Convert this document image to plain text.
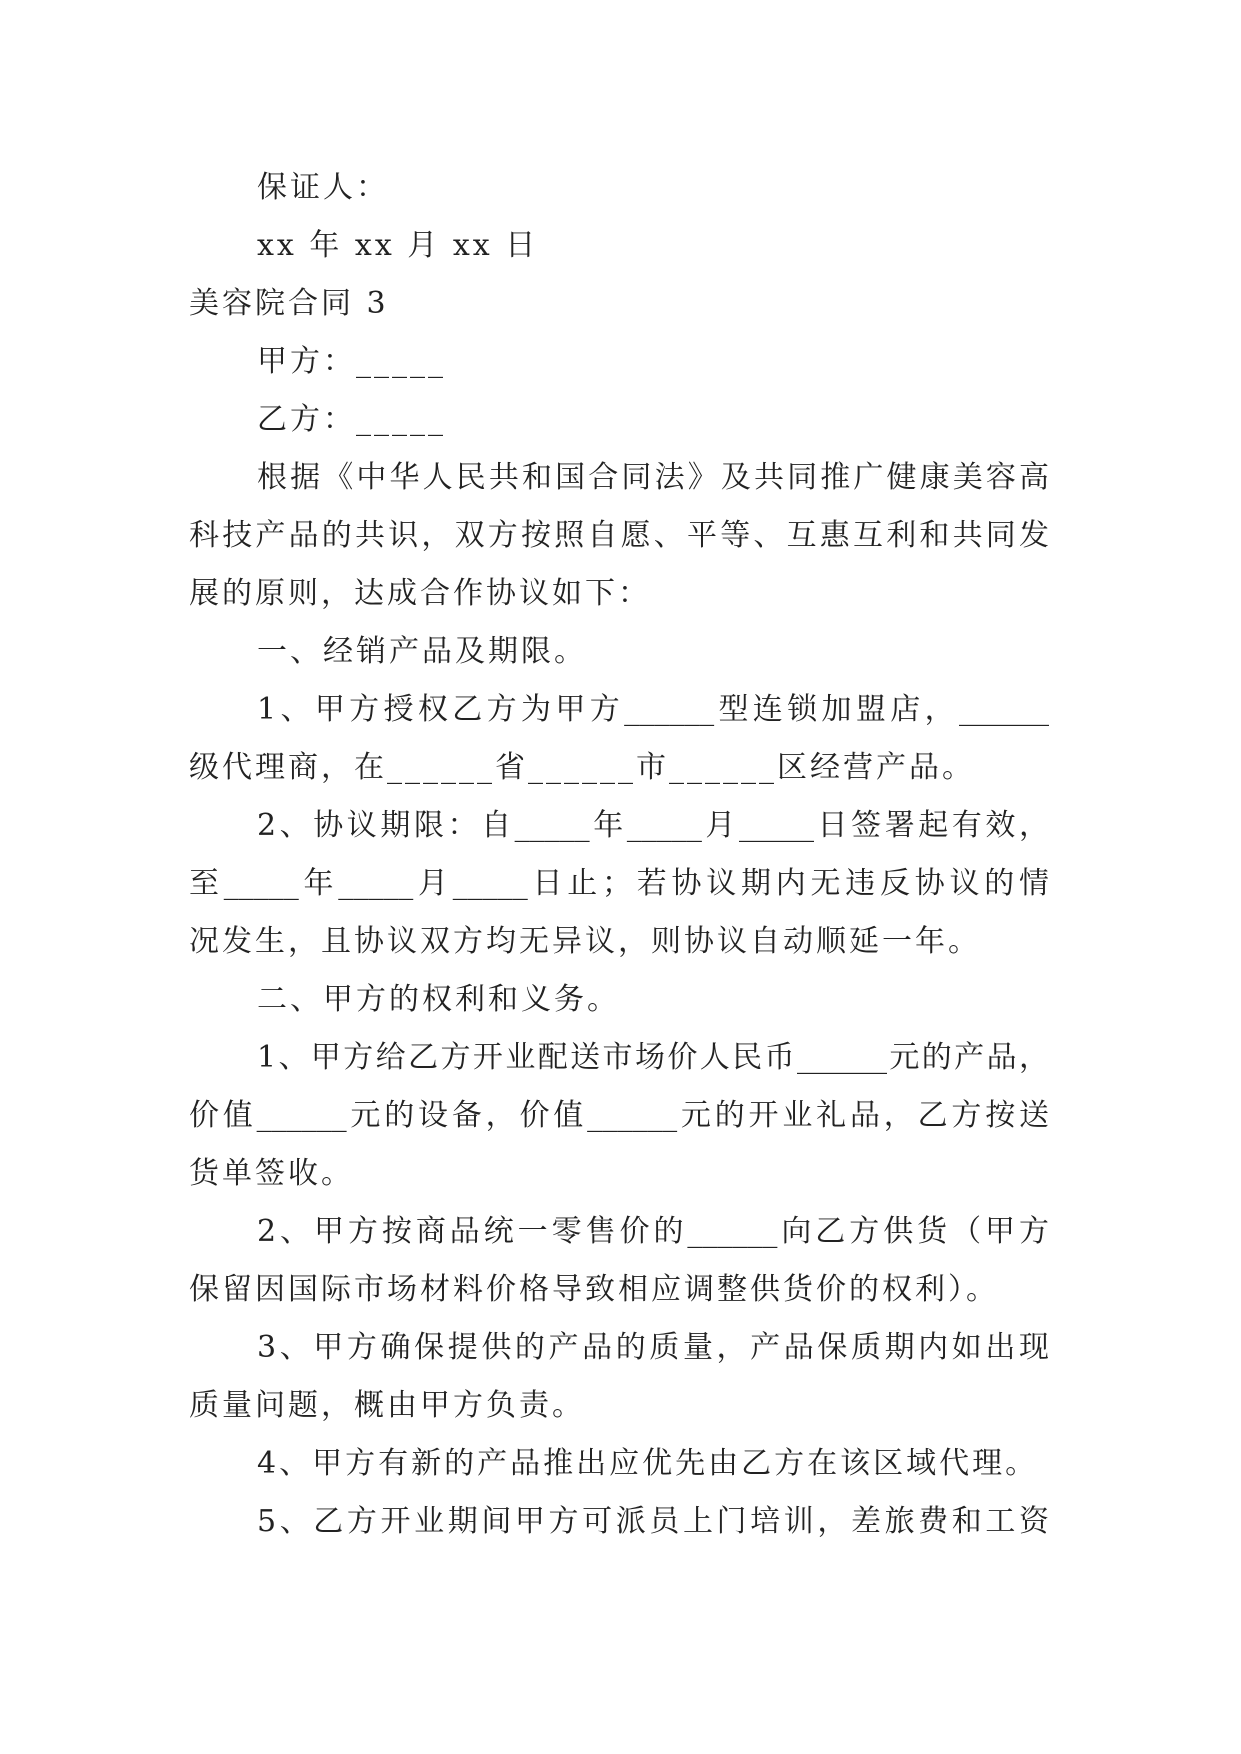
保证人：
xx 年 xx 月 xx 日
美容院合同 3
甲方：_____
乙方：_____
根据《中华人民共和国合同法》及共同推广健康美容高
科技产品的共识，双方按照自愿、平等、互惠互利和共同发
展的原则，达成合作协议如下：
一、经销产品及期限。
1、甲方授权乙方为甲方______型连锁加盟店，______
级代理商，在______省______市______区经营产品。
2、协议期限：自_____年_____月_____日签署起有效，
至_____年_____月_____日止；若协议期内无违反协议的情
况发生，且协议双方均无异议，则协议自动顺延一年。
二、甲方的权利和义务。
1、甲方给乙方开业配送市场价人民币______元的产品，
价值______元的设备，价值______元的开业礼品，乙方按送
货单签收。
2、甲方按商品统一零售价的______向乙方供货（甲方
保留因国际市场材料价格导致相应调整供货价的权利）。
3、甲方确保提供的产品的质量，产品保质期内如出现
质量问题，概由甲方负责。
4、甲方有新的产品推出应优先由乙方在该区域代理。
5、乙方开业期间甲方可派员上门培训，差旅费和工资
